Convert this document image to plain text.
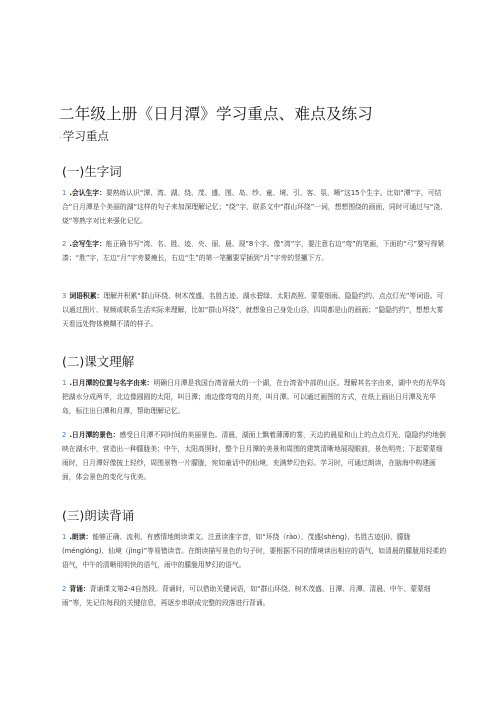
二年级上册《日月潭》学习重点、难点及练习
-学习重点
(一)生字词
1 .会认生字：要熟练认识“潭、湾、湖、绕、茂、盛、围、岛、纱、童、境、引、客、氛、晰”这15个生字。比如“潭”字，可结合“日月潭是个美丽的湖”这样的句子来加深理解记忆；“绕”字，联系文中“群山环绕”一词，想想围绕的画面，同时可通过与“浇、烧”等熟字对比来强化记忆。
2 .会写生字：能正确书写“湾、名、胜、迹、央、丽、晨、现”8个字。像“湾”字，要注意右边“弯”的笔画，下面的“弓”要写得紧凑；“胜”字，左边“月”字旁要瘦长，右边“生”的第一笔撇要穿插到“月”字旁的竖撇下方。
3 词语积累：理解并积累“群山环绕、树木茂盛、名胜古迹、湖水碧绿、太阳高照、蒙蒙细雨、隐隐约约、点点灯光”等词语。可以通过图片、视频或联系生活实际来理解，比如“群山环绕”，就想象自己身处山谷，四周都是山的画面；“隐隐约约”，想想大雾天看远处物体模糊不清的样子。
(二)课文理解
1 .日月潭的位置与名字由来：明确日月潭是我国台湾省最大的一个湖，在台湾省中部的山区。理解其名字由来，湖中央的光华岛把湖水分成两半，北边像圆圆的太阳，叫日潭；南边像弯弯的月亮，叫月潭。可以通过画图的方式，在纸上画出日月潭及光华岛，标注出日潭和月潭，帮助理解记忆。
2 .日月潭的景色：感受日月潭不同时间的美丽景色。清晨，湖面上飘着薄薄的雾，天边的晨星和山上的点点灯光，隐隐约约地倒映在湖水中，营造出一种朦胧美；中午，太阳高照时，整个日月潭的美景和周围的建筑清晰地展现眼前，景色明亮；下起蒙蒙细雨时，日月潭好像披上轻纱，周围景物一片朦胧，宛如童话中的仙境，充满梦幻色彩。学习时，可通过朗读，在脑海中构建画面，体会景色的变化与优美。
(三)朗读背诵
1 .朗读：能够正确、流利、有感情地朗读课文。注意读准字音，如“环绕（rào）、茂盛(shèng)、名胜古迹(jì)、朦胧(ménglóng)、仙境（jìng)”等易错读音。在朗读描写景色的句子时，要根据不同的情境读出相应的语气，如清晨的朦胧用轻柔的语气，中午的清晰用明快的语气，雨中的朦胧用梦幻的语气。
2 背诵：背诵课文第2-4自然段。背诵时，可以借助关键词语，如“群山环绕、树木茂盛、日潭、月潭、清晨、中午、蒙蒙细雨”等，先记住每段的关键信息，再逐步串联成完整的段落进行背诵。
